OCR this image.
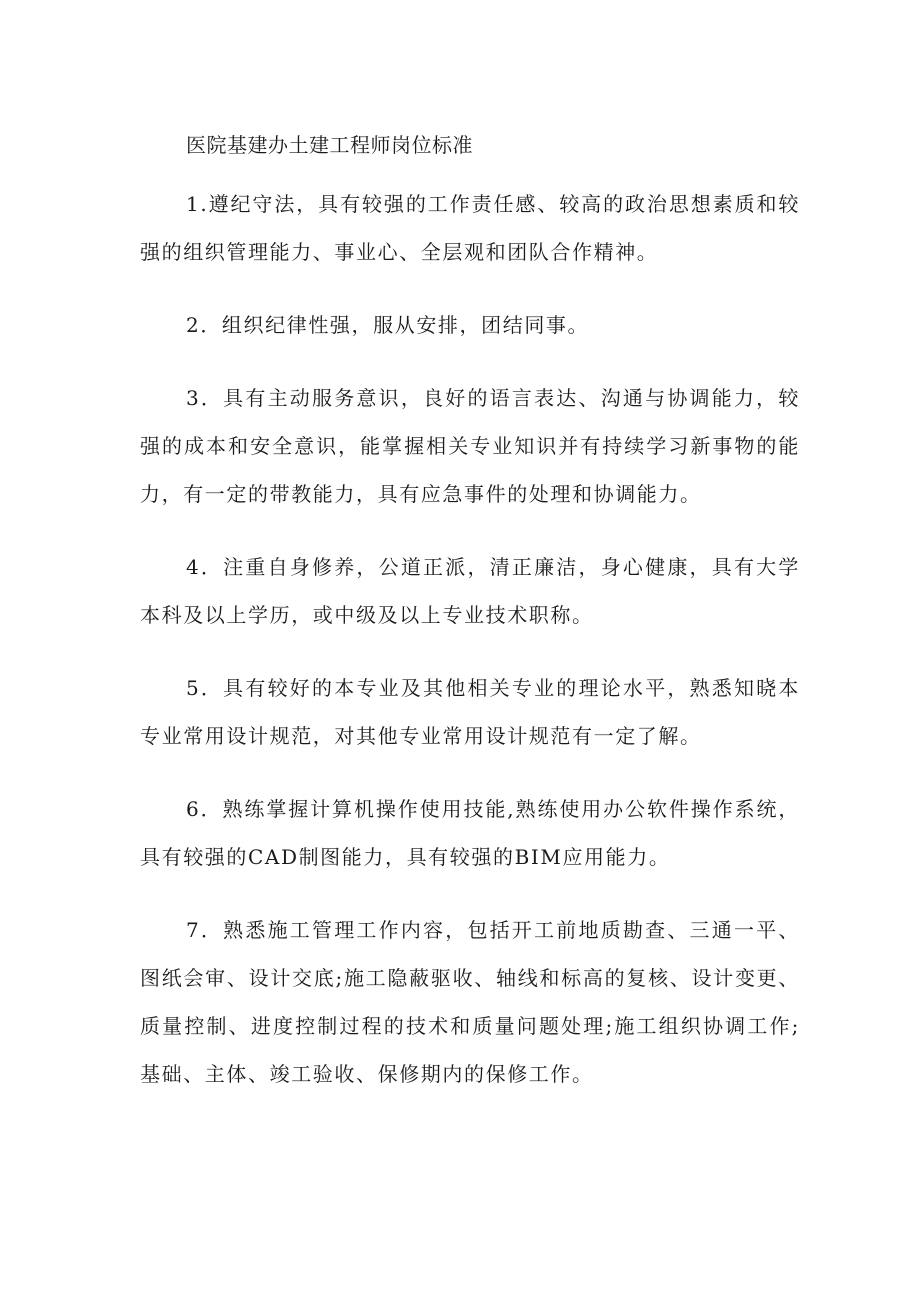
医院基建办土建工程师岗位标准

1.遵纪守法，具有较强的工作责任感、较高的政治思想素质和较强的组织管理能力、事业心、全层观和团队合作精神。

2．组织纪律性强，服从安排，团结同事。

3．具有主动服务意识，良好的语言表达、沟通与协调能力，较强的成本和安全意识，能掌握相关专业知识并有持续学习新事物的能力，有一定的带教能力，具有应急事件的处理和协调能力。

4．注重自身修养，公道正派，清正廉洁，身心健康，具有大学本科及以上学历，或中级及以上专业技术职称。

5．具有较好的本专业及其他相关专业的理论水平，熟悉知晓本专业常用设计规范，对其他专业常用设计规范有一定了解。

6．熟练掌握计算机操作使用技能,熟练使用办公软件操作系统，具有较强的CAD制图能力，具有较强的BIM应用能力。

7．熟悉施工管理工作内容，包括开工前地质勘查、三通一平、图纸会审、设计交底;施工隐蔽驱收、轴线和标高的复核、设计变更、质量控制、进度控制过程的技术和质量问题处理;施工组织协调工作;基础、主体、竣工验收、保修期内的保修工作。
